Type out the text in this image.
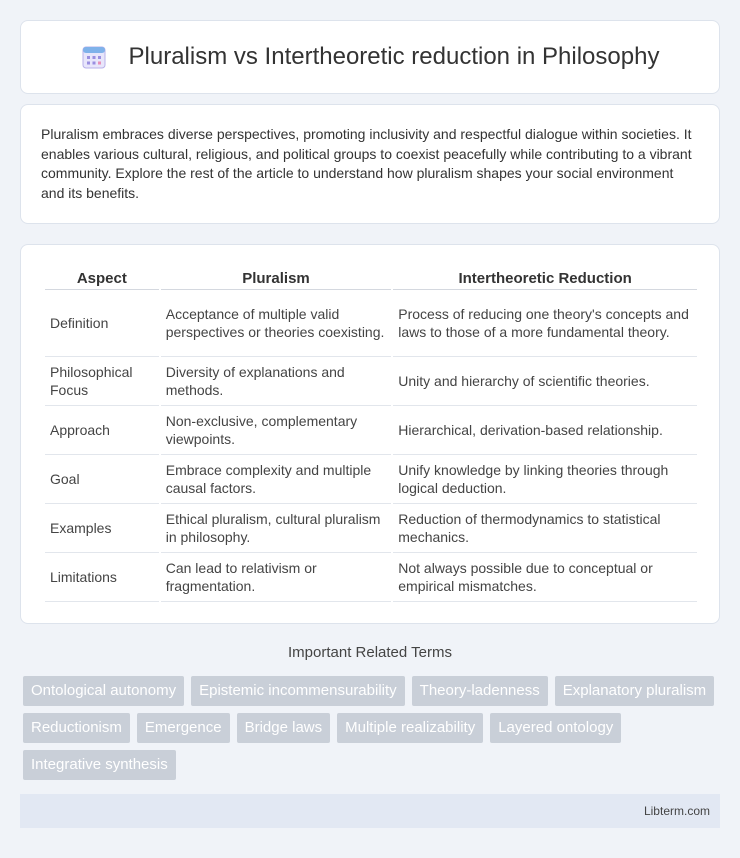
Pluralism vs Intertheoretic reduction in Philosophy

Pluralism embraces diverse perspectives, promoting inclusivity and respectful dialogue within societies. It enables various cultural, religious, and political groups to coexist peacefully while contributing to a vibrant community. Explore the rest of the article to understand how pluralism shapes your social environment and its benefits.

Aspect	Pluralism	Intertheoretic Reduction
Definition	Acceptance of multiple valid perspectives or theories coexisting.	Process of reducing one theory's concepts and laws to those of a more fundamental theory.
Philosophical Focus	Diversity of explanations and methods.	Unity and hierarchy of scientific theories.
Approach	Non-exclusive, complementary viewpoints.	Hierarchical, derivation-based relationship.
Goal	Embrace complexity and multiple causal factors.	Unify knowledge by linking theories through logical deduction.
Examples	Ethical pluralism, cultural pluralism in philosophy.	Reduction of thermodynamics to statistical mechanics.
Limitations	Can lead to relativism or fragmentation.	Not always possible due to conceptual or empirical mismatches.
Important Related Terms
Ontological autonomy	Epistemic incommensurability	Theory-ladenness	Explanatory pluralism
Reductionism	Emergence	Bridge laws	Multiple realizability	Layered ontology
Integrative synthesis
Libterm.com
